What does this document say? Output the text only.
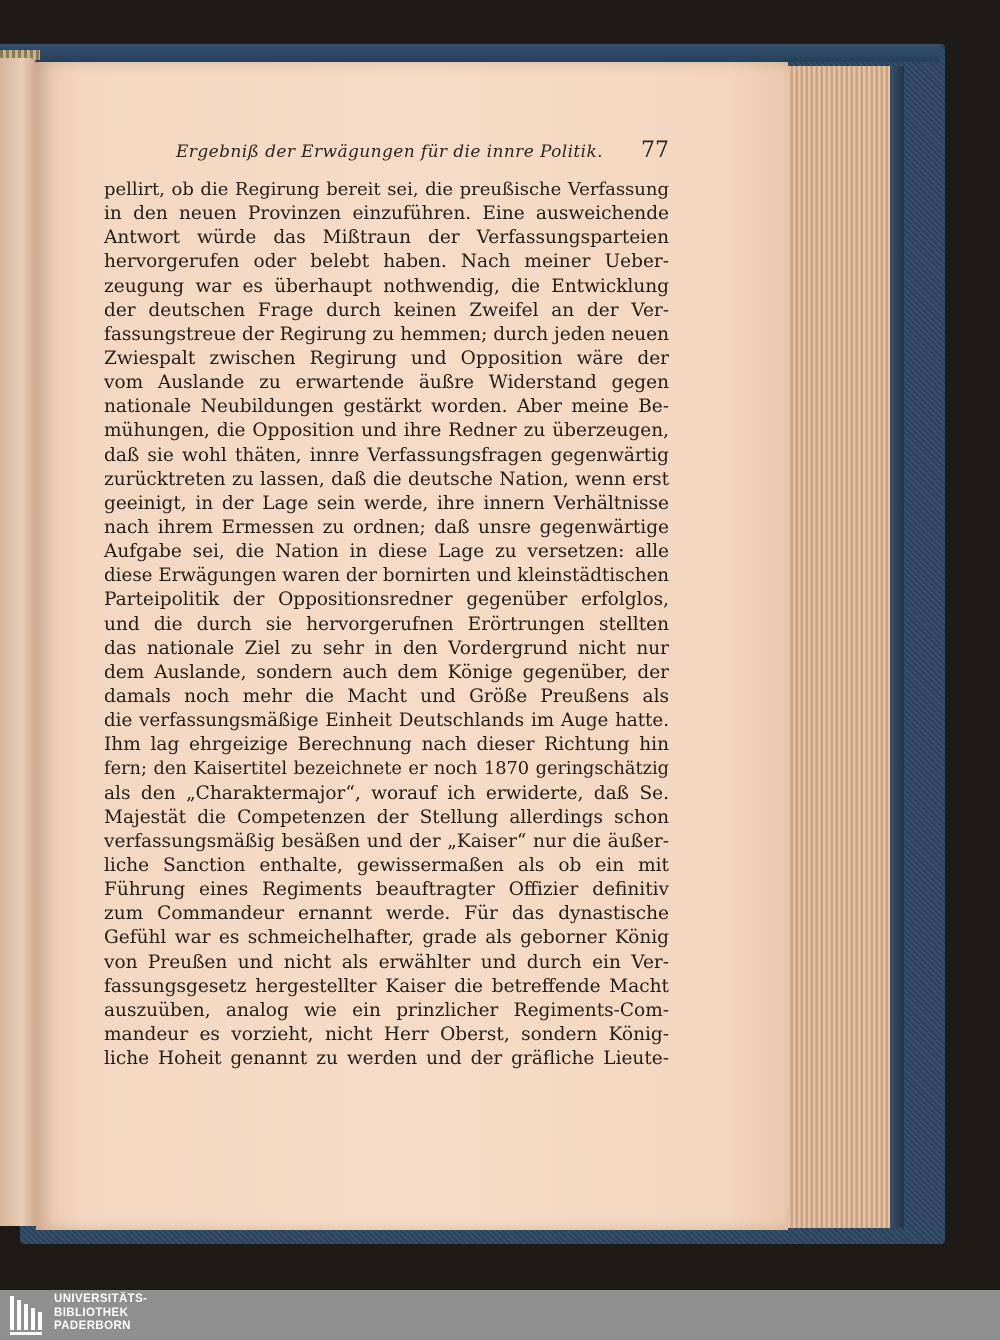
Ergebniß der Erwägungen für die innre Politik. 77
pellirt, ob die Regirung bereit sei, die preußische Verfassung
in den neuen Provinzen einzuführen. Eine ausweichende
Antwort würde das Mißtraun der Verfassungsparteien
hervorgerufen oder belebt haben. Nach meiner Ueber-
zeugung war es überhaupt nothwendig, die Entwicklung
der deutschen Frage durch keinen Zweifel an der Ver-
fassungstreue der Regirung zu hemmen; durch jeden neuen
Zwiespalt zwischen Regirung und Opposition wäre der
vom Auslande zu erwartende äußre Widerstand gegen
nationale Neubildungen gestärkt worden. Aber meine Be-
mühungen, die Opposition und ihre Redner zu überzeugen,
daß sie wohl thäten, innre Verfassungsfragen gegenwärtig
zurücktreten zu lassen, daß die deutsche Nation, wenn erst
geeinigt, in der Lage sein werde, ihre innern Verhältnisse
nach ihrem Ermessen zu ordnen; daß unsre gegenwärtige
Aufgabe sei, die Nation in diese Lage zu versetzen: alle
diese Erwägungen waren der bornirten und kleinstädtischen
Parteipolitik der Oppositionsredner gegenüber erfolglos,
und die durch sie hervorgerufnen Erörtrungen stellten
das nationale Ziel zu sehr in den Vordergrund nicht nur
dem Auslande, sondern auch dem Könige gegenüber, der
damals noch mehr die Macht und Größe Preußens als
die verfassungsmäßige Einheit Deutschlands im Auge hatte.
Ihm lag ehrgeizige Berechnung nach dieser Richtung hin
fern; den Kaisertitel bezeichnete er noch 1870 geringschätzig
als den „Charaktermajor“, worauf ich erwiderte, daß Se.
Majestät die Competenzen der Stellung allerdings schon
verfassungsmäßig besäßen und der „Kaiser“ nur die äußer-
liche Sanction enthalte, gewissermaßen als ob ein mit
Führung eines Regiments beauftragter Offizier definitiv
zum Commandeur ernannt werde. Für das dynastische
Gefühl war es schmeichelhafter, grade als geborner König
von Preußen und nicht als erwählter und durch ein Ver-
fassungsgesetz hergestellter Kaiser die betreffende Macht
auszuüben, analog wie ein prinzlicher Regiments-Com-
mandeur es vorzieht, nicht Herr Oberst, sondern König-
liche Hoheit genannt zu werden und der gräfliche Lieute-
UNIVERSITÄTS-
BIBLIOTHEK
PADERBORN
